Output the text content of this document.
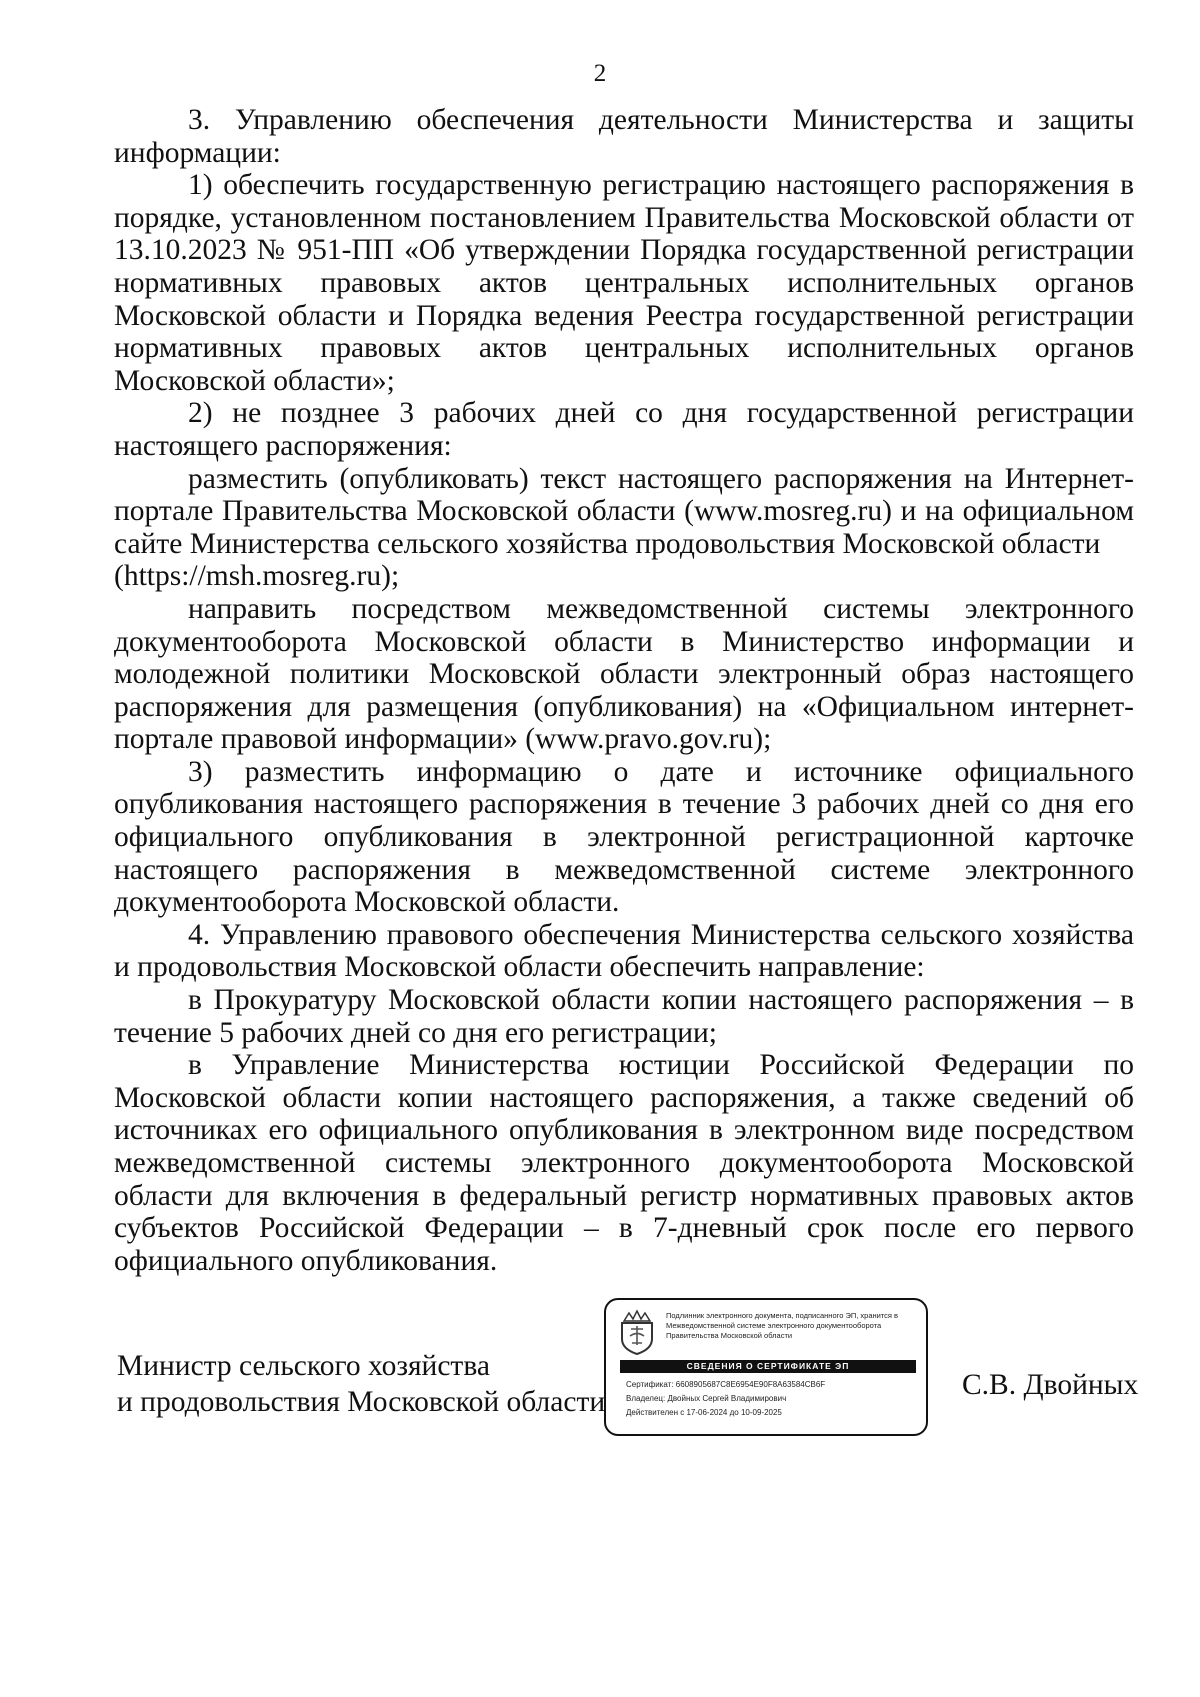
2

3. Управлению обеспечения деятельности Министерства и защиты информации:

1) обеспечить государственную регистрацию настоящего распоряжения в порядке, установленном постановлением Правительства Московской области от 13.10.2023 № 951-ПП «Об утверждении Порядка государственной регистрации нормативных правовых актов центральных исполнительных органов Московской области и Порядка ведения Реестра государственной регистрации нормативных правовых актов центральных исполнительных органов Московской области»;

2) не позднее 3 рабочих дней со дня государственной регистрации настоящего распоряжения:

разместить (опубликовать) текст настоящего распоряжения на Интернет-портале Правительства Московской области (www.mosreg.ru) и на официальном сайте Министерства сельского хозяйства продовольствия Московской области

(https://msh.mosreg.ru);

направить посредством межведомственной системы электронного документооборота Московской области в Министерство информации и молодежной политики Московской области электронный образ настоящего распоряжения для размещения (опубликования) на «Официальном интернет-портале правовой информации» (www.pravo.gov.ru);

3) разместить информацию о дате и источнике официального опубликования настоящего распоряжения в течение 3 рабочих дней со дня его официального опубликования в электронной регистрационной карточке настоящего распоряжения в межведомственной системе электронного документооборота Московской области.

4. Управлению правового обеспечения Министерства сельского хозяйства и продовольствия Московской области обеспечить направление:

в Прокуратуру Московской области копии настоящего распоряжения – в течение 5 рабочих дней со дня его регистрации;

в Управление Министерства юстиции Российской Федерации по Московской области копии настоящего распоряжения, а также сведений об источниках его официального опубликования в электронном виде посредством межведомственной системы электронного документооборота Московской области для включения в федеральный регистр нормативных правовых актов субъектов Российской Федерации – в 7-дневный срок после его первого официального опубликования.

Министр сельского хозяйства
и продовольствия Московской области
Подлинник электронного документа, подписанного ЭП, хранится в Межведомственной системе электронного документооборота Правительства Московской области
СВЕДЕНИЯ О СЕРТИФИКАТЕ ЭП
Сертификат: 6608905687C8E6954E90F8A63584CB6F
Владелец: Двойных Сергей Владимирович
Действителен с 17-06-2024 до 10-09-2025
С.В. Двойных
